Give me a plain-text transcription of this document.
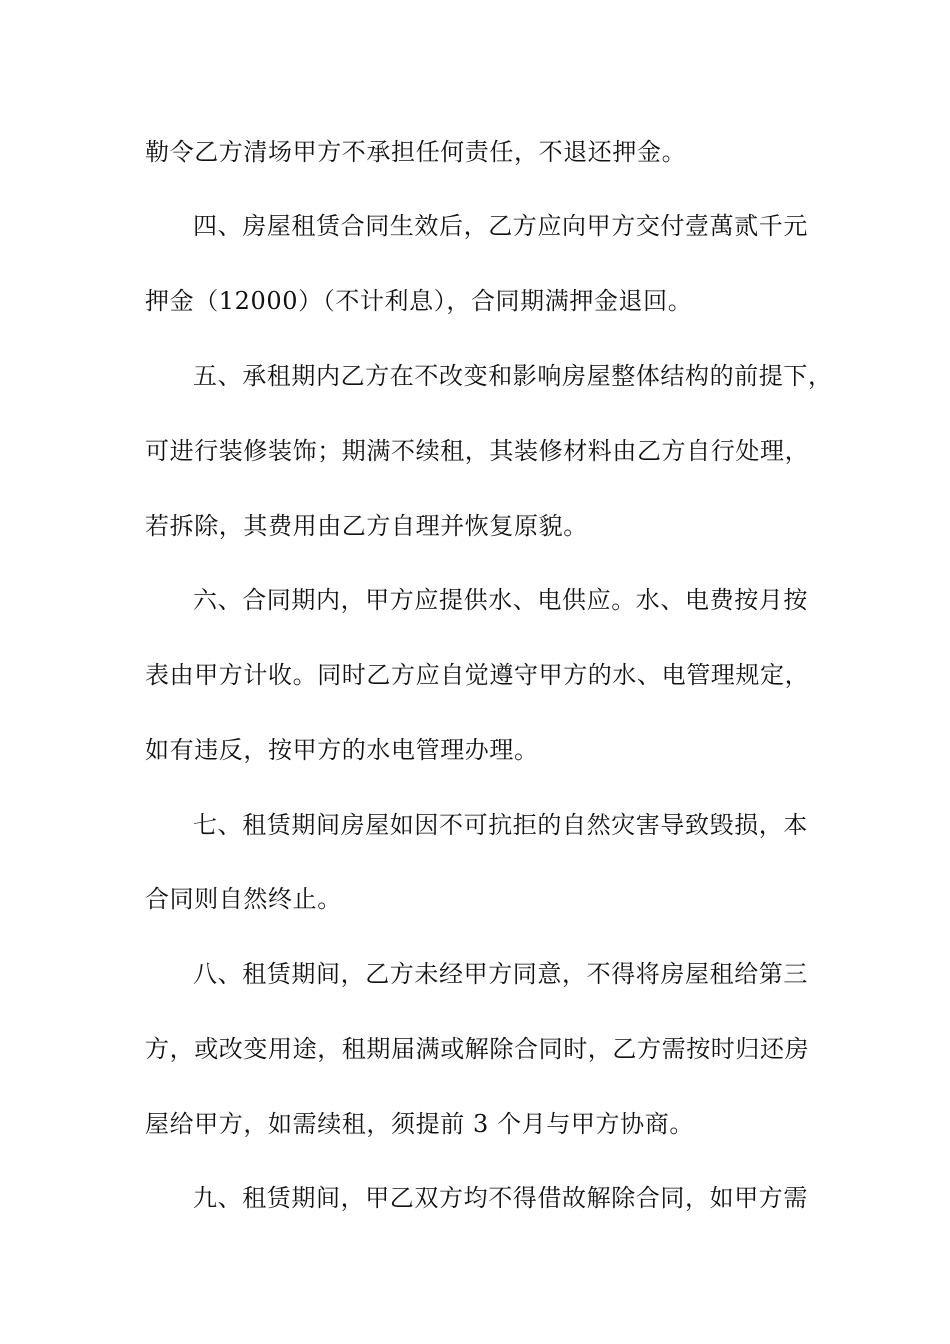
勒令乙方清场甲方不承担任何责任，不退还押金。
四、房屋租赁合同生效后，乙方应向甲方交付壹萬贰千元
押金（12000）（不计利息），合同期满押金退回。
五、承租期内乙方在不改变和影响房屋整体结构的前提下，
可进行装修装饰；期满不续租，其装修材料由乙方自行处理，
若拆除，其费用由乙方自理并恢复原貌。
六、合同期内，甲方应提供水、电供应。水、电费按月按
表由甲方计收。同时乙方应自觉遵守甲方的水、电管理规定，
如有违反，按甲方的水电管理办理。
七、租赁期间房屋如因不可抗拒的自然灾害导致毁损，本
合同则自然终止。
八、租赁期间，乙方未经甲方同意，不得将房屋租给第三
方，或改变用途，租期届满或解除合同时，乙方需按时归还房
屋给甲方，如需续租，须提前 3 个月与甲方协商。
九、租赁期间，甲乙双方均不得借故解除合同，如甲方需
